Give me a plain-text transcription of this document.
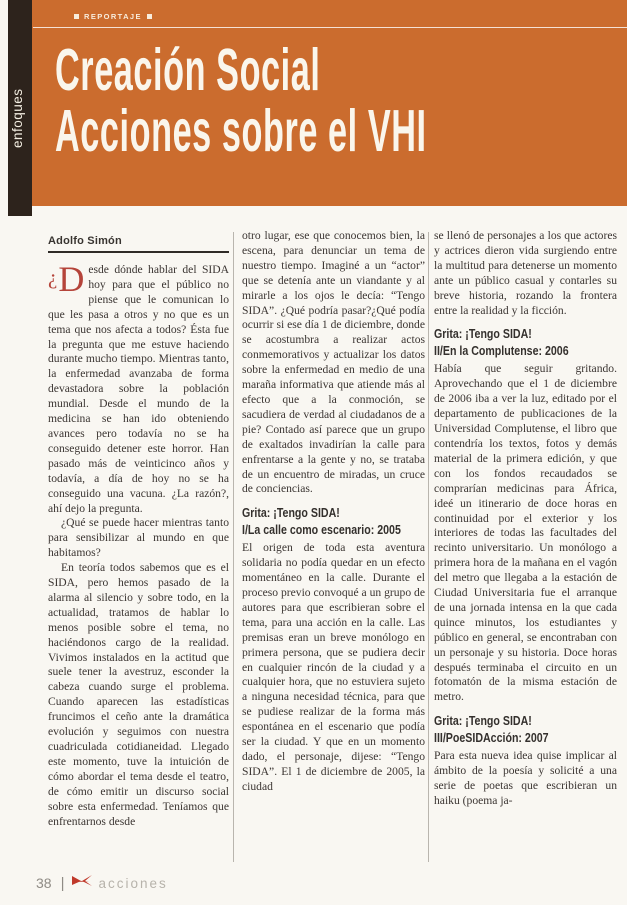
enfoques
REPORTAJE
Creación Social
Acciones sobre el VHI
Adolfo Simón

¿ D esde dónde hablar del SIDA hoy para que el público no piense que le comunican lo que les pasa a otros y no que es un tema que nos afecta a todos? Ésta fue la pregunta que me estuve haciendo durante mucho tiempo. Mientras tanto, la enfermedad avanzaba de forma devastadora sobre la población mundial. Desde el mundo de la medicina se han ido obteniendo avances pero todavía no se ha conseguido detener este horror. Han pasado más de veinticinco años y todavía, a día de hoy no se ha conseguido una vacuna. ¿La razón?, ahí dejo la pregunta.

¿Qué se puede hacer mientras tanto para sensibilizar al mundo en que habitamos?

En teoría todos sabemos que es el SIDA, pero hemos pasado de la alarma al silencio y sobre todo, en la actualidad, tratamos de hablar lo menos posible sobre el tema, no haciéndonos cargo de la realidad. Vivimos instalados en la actitud que suele tener la avestruz, esconder la cabeza cuando surge el problema. Cuando aparecen las estadísticas fruncimos el ceño ante la dramática evolución y seguimos con nuestra cuadriculada cotidianeidad. Llegado este momento, tuve la intuición de cómo abordar el tema desde el teatro, de cómo emitir un discurso social sobre esta enfermedad. Teníamos que enfrentarnos desde

otro lugar, ese que conocemos bien, la escena, para denunciar un tema de nuestro tiempo. Imaginé a un “actor” que se detenía ante un viandante y al mirarle a los ojos le decía: “Tengo SIDA”. ¿Qué podría pasar?¿Qué podía ocurrir si ese día 1 de diciembre, donde se acostumbra a realizar actos conmemorativos y actualizar los datos sobre la enfermedad en medio de una maraña informativa que atiende más al efecto que a la conmoción, se sacudiera de verdad al ciudadanos de a pie? Contado así parece que un grupo de exaltados invadirían la calle para enfrentarse a la gente y no, se trataba de un encuentro de miradas, un cruce de conciencias.

Grita: ¡Tengo SIDA!
I/La calle como escenario: 2005

El origen de toda esta aventura solidaria no podía quedar en un efecto momentáneo en la calle. Durante el proceso previo convoqué a un grupo de autores para que escribieran sobre el tema, para una acción en la calle. Las premisas eran un breve monólogo en primera persona, que se pudiera decir en cualquier rincón de la ciudad y a cualquier hora, que no estuviera sujeto a ninguna necesidad técnica, para que se pudiese realizar de la forma más espontánea en el escenario que podía ser la ciudad. Y que en un momento dado, el personaje, dijese: “Tengo SIDA”. El 1 de diciembre de 2005, la ciudad

se llenó de personajes a los que actores y actrices dieron vida surgiendo entre la multitud para detenerse un momento ante un público casual y contarles su breve historia, rozando la frontera entre la realidad y la ficción.

Grita: ¡Tengo SIDA!
II/En la Complutense: 2006

Había que seguir gritando. Aprovechando que el 1 de diciembre de 2006 iba a ver la luz, editado por el departamento de publicaciones de la Universidad Complutense, el libro que contendría los textos, fotos y demás material de la primera edición, y que con los fondos recaudados se comprarían medicinas para África, ideé un itinerario de doce horas en continuidad por el exterior y los interiores de todas las facultades del recinto universitario. Un monólogo a primera hora de la mañana en el vagón del metro que llegaba a la estación de Ciudad Universitaria fue el arranque de una jornada intensa en la que cada quince minutos, los estudiantes y público en general, se encontraban con un personaje y su historia. Doce horas después terminaba el circuito en un fotomatón de la misma estación de metro.

Grita: ¡Tengo SIDA!
III/PoeSIDAcción: 2007

Para esta nueva idea quise implicar al ámbito de la poesía y solicité a una serie de poetas que escribieran un haiku (poema ja-

38 |	acciones
